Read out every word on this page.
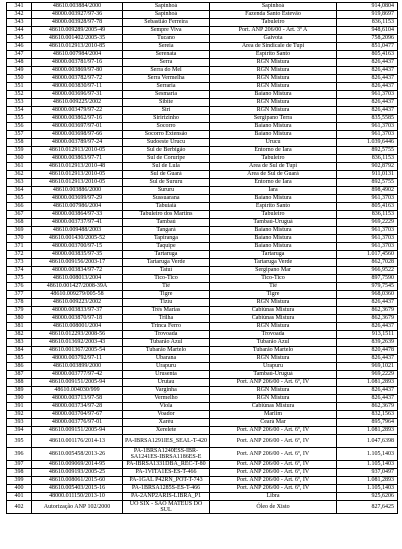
341	48610.003884/2000	Sapinhoá	Sapinhoá	914,0804
342	48000.003927/97-36	Sapinhoá	Fazenda Santo Estevão	919,8697
343	48000.003928/97-78	Sebastião Ferreira	Tabuleiro	836,1153
344	48610.009289/2005-49	Sempre Viva	Port. ANP 206/00 - Art. 3º A	948,6104
345	48610.001402/2005-35	Tucano	Gaivota	758,2096
346	48610.012913/2010-85	Sereia	Área de Sindicale de Tupi	851,0477
347	48610.007984/2004	Serenata	Espírito Santo	805,4163
348	48000.003781/97-16	Serra	RGN Mistura	826,4437
349	48000.003869/97-80	Serra do Mel	RGN Mistura	826,4437
350	48000.003782/97-72	Serra Vermelha	RGN Mistura	826,4437
351	48000.003830/97-11	Serraria	RGN Mistura	826,4437
352	48000.003696/97-31	Sesmaria	Baiano Mistura	961,3703
353	48610.009225/2002	Sibite	RGN Mistura	826,4437
354	48000.003479/97-22	Siri	RGN Mistura	826,4437
355	48000.003862/97-16	Siririzinho	Sergipano Terra	835,5585
356	48000.003697/97-01	Socorro	Baiano Mistura	961,3703
357	48000.003698/97-66	Socorro Extensão	Baiano Mistura	961,3703
358	48000.003789/97-24	Sudoeste Urucu	Urucu	1.039,6446
359	48610.012913/2010-05	Sul de Berbigão	Entorno de Iara	892,5755
360	48000.003863/97-71	Sul de Coruripe	Tabuleiro	836,1153
361	48610.012913/2010-48	Sul de Lula	Área de Sul de Tupi	902,8792
362	48610.012913/2010-05	Sul de Guará	Área de Sul de Guará	911,0131
363	48610.012913/2010-05	Sul de Sururu	Entorno de Iara	892,5755
364	48610.003886/2000	Sururu	Iara	898,4902
365	48000.003699/97-29	Sussuarana	Baiano Mistura	961,3703
366	48610.007986/2004	Tabuiaiá	Espírito Santo	805,4163
367	48000.003864/97-33	Tabuleiro dos Martins	Tabuleiro	836,1153
368	48000.003737/97-41	Tambaú	Tambaú-Uruguá	969,2229
369	48610.009488/2003	Tangará	Baiano Mistura	961,3703
370	48610.001430/2005-52	Tapiranga	Baiano Mistura	961,3703
371	48000.003700/97-15	Taquipe	Baiano Mistura	961,3703
372	48000.003835/97-35	Tartaruga	Tartaruga	1.017,4560
373	48610.009156/2003-17	Tartaruga Verde	Tartaruga Verde	862,7028
374	48000.003834/97-72	Tatuí	Sergipano Mar	966,9522
375	48610.008013/2004	Tico-Tico	Tico-Tico	897,7590
376	48610.001427/2008-39A	Tiê	Tiê	979,7545
377	48610.009279/005-58	Tigre	Tigre	968,0360
378	48610.009223/2002	Tizíu	RGN Mistura	826,4437
379	48000.003833/97-37	Três Marias	Cabiúnas Mistura	862,3679
380	48000.003870/97-18	Trilha	Cabiúnas Mistura	862,3679
381	48610.008001/2004	Trinca Ferro	RGN Mistura	826,4437
382	48610.012293/2008-56	Trovoada	Trovoada	913,1511
383	48610.013692/2003-43	Tubarão Azul	Tubarão Azul	839,2639
384	48610.001367/2005-54	Tubarão Martelo	Tubarão Martelo	820,4478
385	48000.003792/97-11	Ubarana	RGN Mistura	826,4437
386	48610.003899/2000	Urapuru	Urapuru	969,1021
387	48000.003777/97-42	Urusenta	Tambaú-Uruguá	969,2229
388	48610.009151/2005-94	Urutau	Port. ANP 206/00 - Art. 6º, IV	1.081,2893
389	48610.004030/999	Varginha	RGN Mistura	826,4437
390	48000.003713/97-58	Vermelho	RGN Mistura	826,4437
391	48000.003734/97-28	Viola	Cabiúnas Mistura	862,3679
392	48000.003704/97-67	Voador	Marlim	832,1563
393	48000.003776/97-01	Xaréu	Ceará Mar	895,7964
394	48610.009151/2005-94	Xerelete	Port. ANP 206/00 - Art. 6º, IV	1.081,2893
395	48610.001176/2014-13	PA-IBRSA1291IES_SEAL-T-420	Port. ANP 206/00 - Art. 6º, IV	1.047,6398
396	48610.005458/2013-26	PA-1BRSA1240ESS-IBR-SA1241ES-IBRSA1186ES-E	Port. ANP 206/00 - Art. 6º, IV	1.105,1403
397	48610.009069/2014-95	PA-IBRSA1331DBA_REC-T-80	Port. ANP 206/00 - Art. 6º, IV	1.105,1403
398	48610.009193/2005-25	PA-1VITA1ES-ES-T-466	Port. ANP 206/00 - Art. 6º, IV	937,0497
399	48610.008061/2015-60	PA-1GAL P42RN_POT-T-743	Port. ANP 206/00 - Art. 6º, IV	1.081,2893
400	48610.005403/2015-16	PA-1BRSA1285S-ES-T-466	Port. ANP 206/00 - Art. 6º, IV	1.105,1403
401	48000.011150/2013-10	PA-2ANP2ARIS-LIBRA_P1	Libra	925,6206
402	Autorização ANP 102/2000	UO SIX - SÃO MATEUS DO SUL	Óleo de Xisto	827,6425
